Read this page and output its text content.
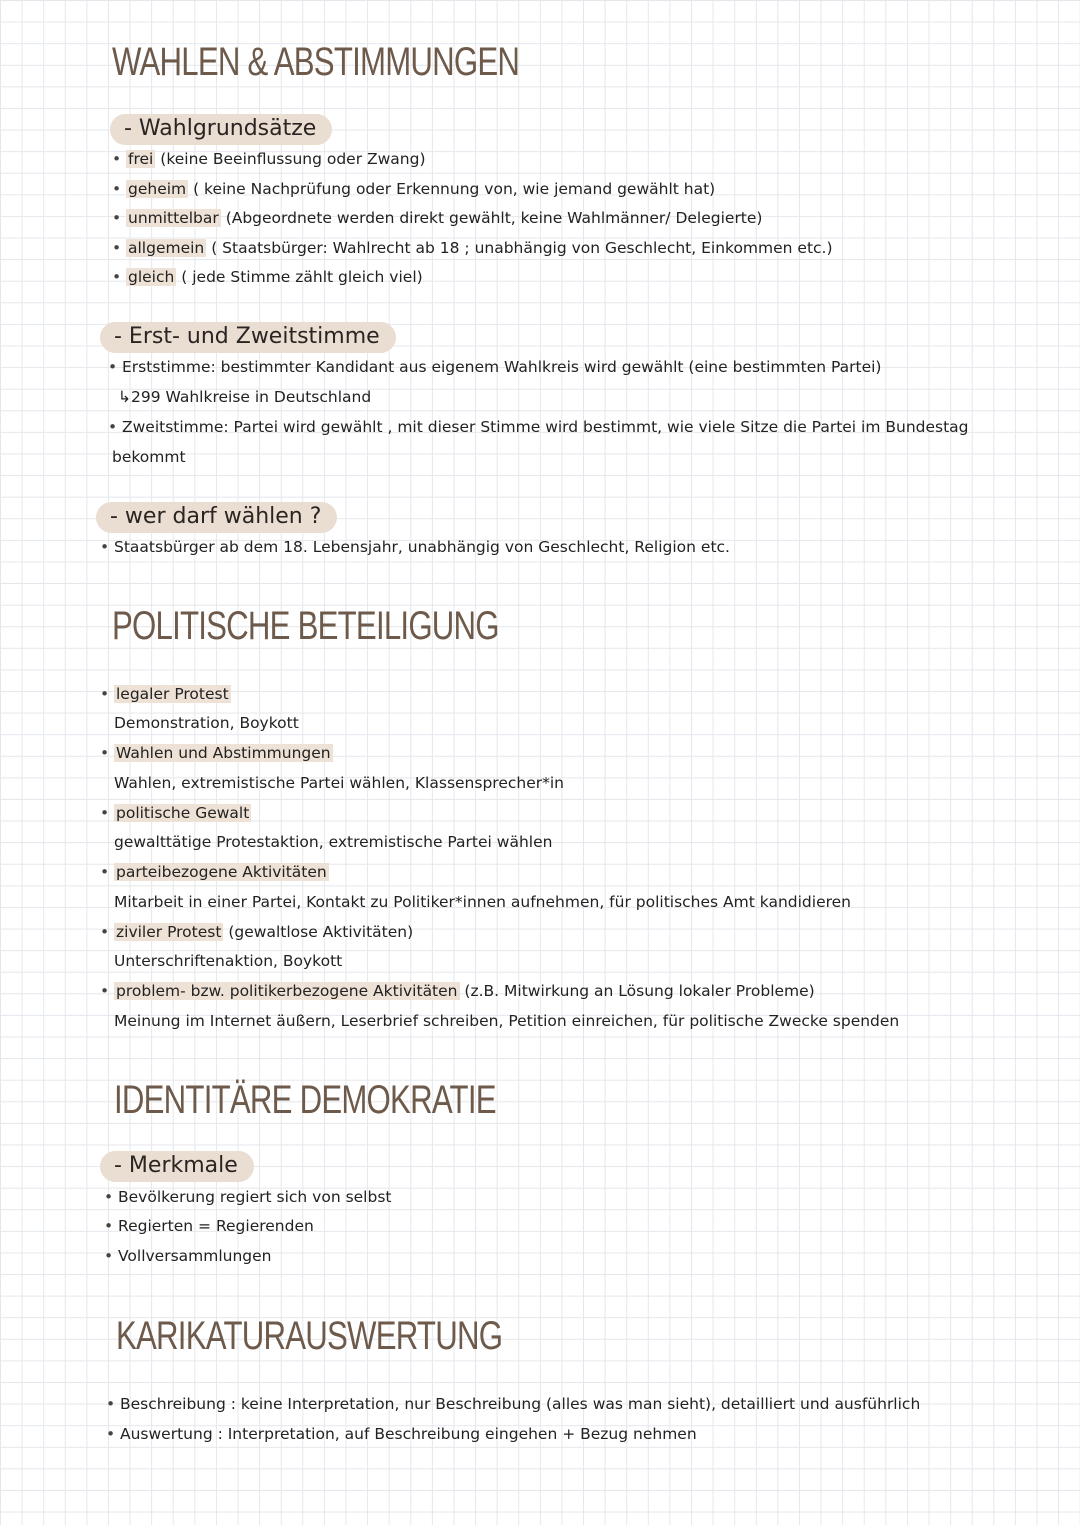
WAHLEN & ABSTIMMUNGEN
- Wahlgrundsätze
• frei (keine Beeinflussung oder Zwang)
• geheim ( keine Nachprüfung oder Erkennung von, wie jemand gewählt hat)
• unmittelbar (Abgeordnete werden direkt gewählt, keine Wahlmänner/ Delegierte)
• allgemein ( Staatsbürger: Wahlrecht ab 18 ; unabhängig von Geschlecht, Einkommen etc.)
• gleich ( jede Stimme zählt gleich viel)
- Erst- und Zweitstimme
• Erststimme: bestimmter Kandidant aus eigenem Wahlkreis wird gewählt (eine bestimmten Partei)
↳299 Wahlkreise in Deutschland
• Zweitstimme: Partei wird gewählt , mit dieser Stimme wird bestimmt, wie viele Sitze die Partei im Bundestag
bekommt
- wer darf wählen ?
• Staatsbürger ab dem 18. Lebensjahr, unabhängig von Geschlecht, Religion etc.
POLITISCHE BETEILIGUNG
• legaler Protest
Demonstration, Boykott
• Wahlen und Abstimmungen
Wahlen, extremistische Partei wählen, Klassensprecher*in
• politische Gewalt
gewalttätige Protestaktion, extremistische Partei wählen
• parteibezogene Aktivitäten
Mitarbeit in einer Partei, Kontakt zu Politiker*innen aufnehmen, für politisches Amt kandidieren
• ziviler Protest (gewaltlose Aktivitäten)
Unterschriftenaktion, Boykott
• problem- bzw. politikerbezogene Aktivitäten (z.B. Mitwirkung an Lösung lokaler Probleme)
Meinung im Internet äußern, Leserbrief schreiben, Petition einreichen, für politische Zwecke spenden
IDENTITÄRE DEMOKRATIE
- Merkmale
• Bevölkerung regiert sich von selbst
• Regierten = Regierenden
• Vollversammlungen
KARIKATURAUSWERTUNG
• Beschreibung : keine Interpretation, nur Beschreibung (alles was man sieht), detailliert und ausführlich
• Auswertung : Interpretation, auf Beschreibung eingehen + Bezug nehmen
